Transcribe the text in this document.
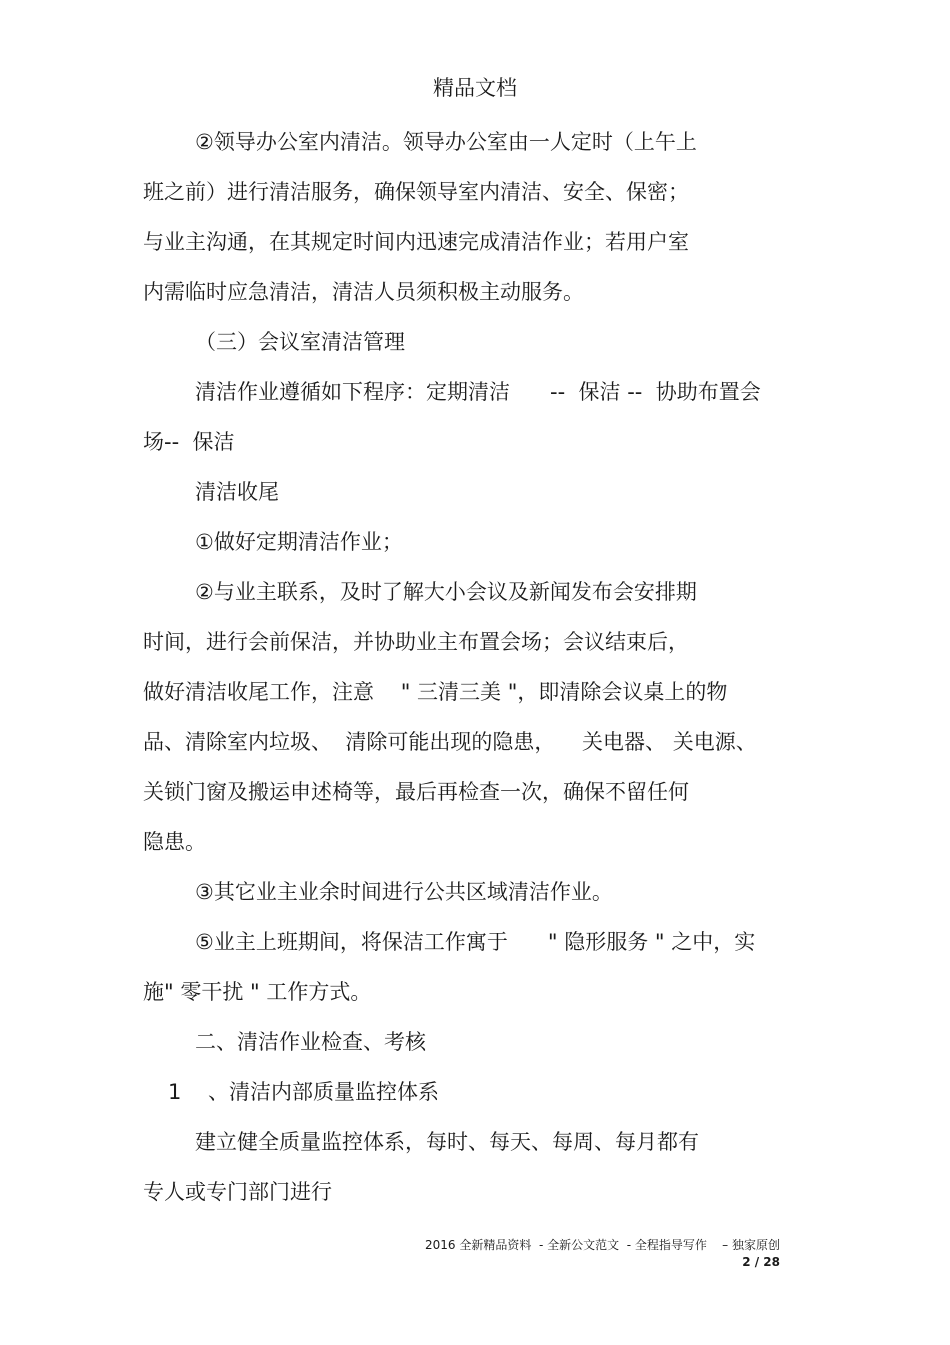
精品文档
②领导办公室内清洁。领导办公室由一人定时（上午上
班之前）进行清洁服务，确保领导室内清洁、安全、保密；
与业主沟通，在其规定时间内迅速完成清洁作业；若用户室
内需临时应急清洁，清洁人员须积极主动服务。
（三）会议室清洁管理
清洁作业遵循如下程序：定期清洁      --  保洁 --  协助布置会
场--  保洁
清洁收尾
①做好定期清洁作业；
②与业主联系，及时了解大小会议及新闻发布会安排期
时间，进行会前保洁，并协助业主布置会场；会议结束后，
做好清洁收尾工作，注意    " 三清三美 "，即清除会议桌上的物
品、清除室内垃圾、  清除可能出现的隐患，    关电器、 关电源、
关锁门窗及搬运申述椅等，最后再检查一次，确保不留任何
隐患。
③其它业主业余时间进行公共区域清洁作业。
⑤业主上班期间，将保洁工作寓于      " 隐形服务 " 之中，实
施" 零干扰 " 工作方式。
二、清洁作业检查、考核
1    、清洁内部质量监控体系
建立健全质量监控体系，每时、每天、每周、每月都有
专人或专门部门进行
2016 全新精品资料  - 全新公文范文  - 全程指导写作    – 独家原创
2 / 28
